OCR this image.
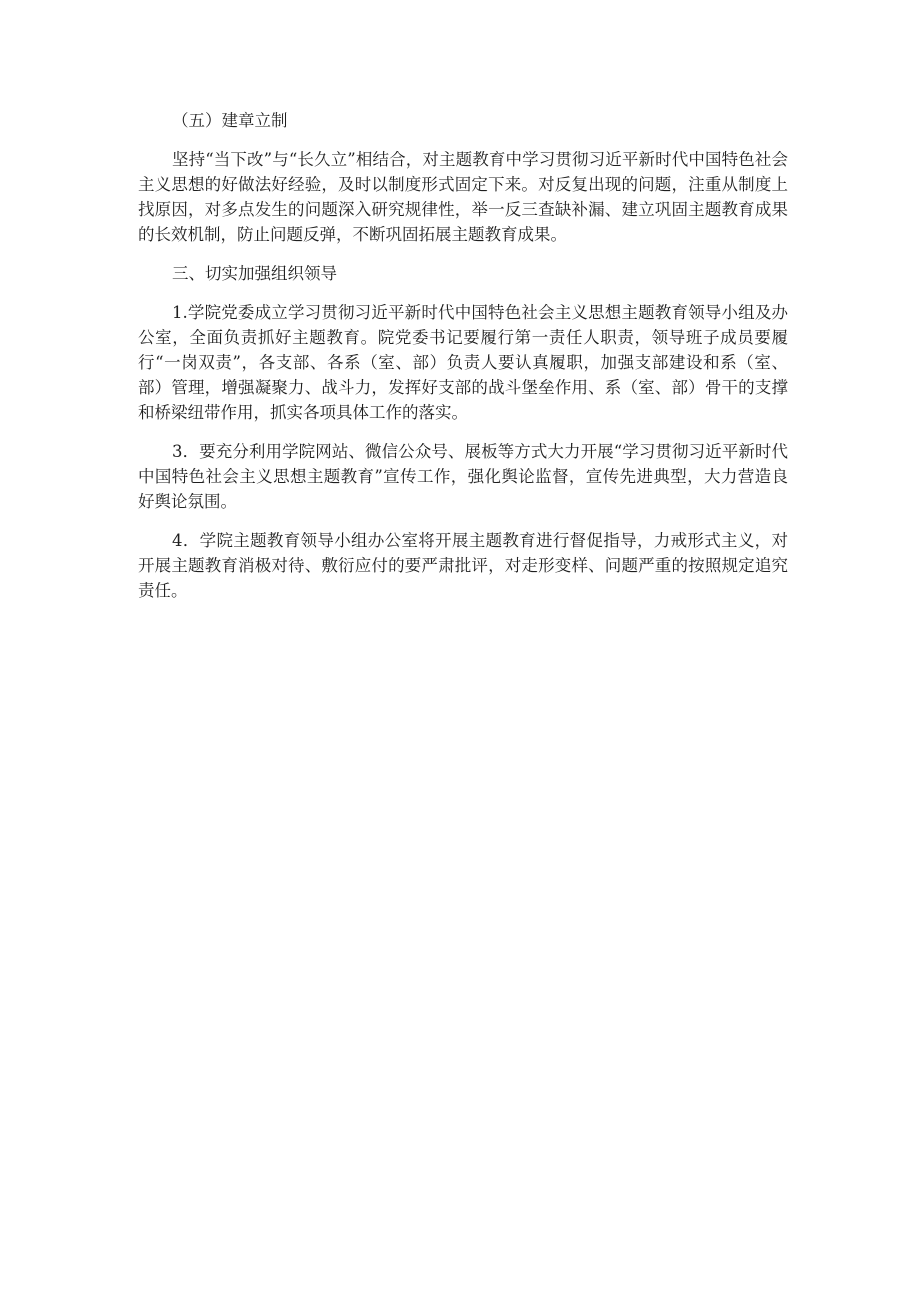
（五）建章立制

坚持“当下改”与“长久立”相结合，对主题教育中学习贯彻习近平新时代中国特色社会主义思想的好做法好经验，及时以制度形式固定下来。对反复出现的问题，注重从制度上找原因，对多点发生的问题深入研究规律性，举一反三查缺补漏、建立巩固主题教育成果的长效机制，防止问题反弹，不断巩固拓展主题教育成果。

三、切实加强组织领导

1.学院党委成立学习贯彻习近平新时代中国特色社会主义思想主题教育领导小组及办公室，全面负责抓好主题教育。院党委书记要履行第一责任人职责，领导班子成员要履行“一岗双责”，各支部、各系（室、部）负责人要认真履职，加强支部建设和系（室、部）管理，增强凝聚力、战斗力，发挥好支部的战斗堡垒作用、系（室、部）骨干的支撑和桥梁纽带作用，抓实各项具体工作的落实。

3．要充分利用学院网站、微信公众号、展板等方式大力开展“学习贯彻习近平新时代中国特色社会主义思想主题教育”宣传工作，强化舆论监督，宣传先进典型，大力营造良好舆论氛围。

4．学院主题教育领导小组办公室将开展主题教育进行督促指导，力戒形式主义，对开展主题教育消极对待、敷衍应付的要严肃批评，对走形变样、问题严重的按照规定追究责任。
